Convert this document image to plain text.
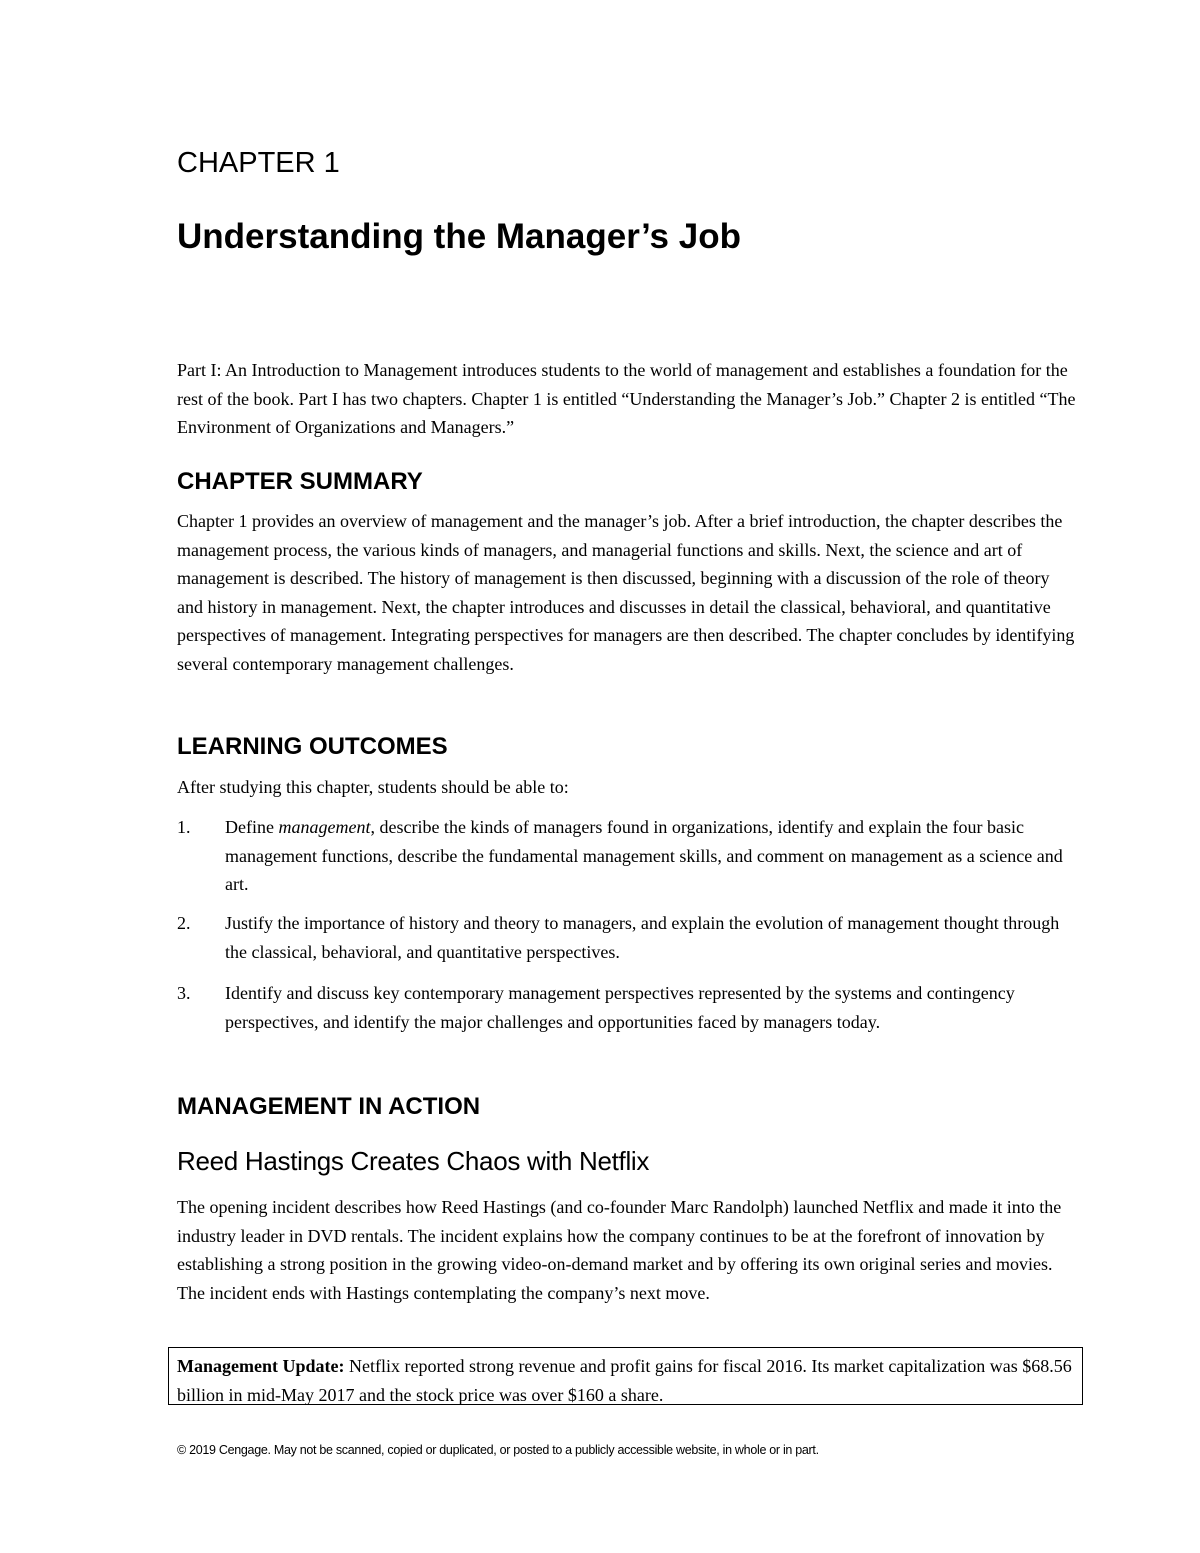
CHAPTER 1
Understanding the Manager’s Job

Part I: An Introduction to Management introduces students to the world of management and establishes a foundation for the rest of the book. Part I has two chapters. Chapter 1 is entitled “Understanding the Manager’s Job.” Chapter 2 is entitled “The Environment of Organizations and Managers.”

CHAPTER SUMMARY

Chapter 1 provides an overview of management and the manager’s job. After a brief introduction, the chapter describes the management process, the various kinds of managers, and managerial functions and skills. Next, the science and art of management is described. The history of management is then discussed, beginning with a discussion of the role of theory and history in management. Next, the chapter introduces and discusses in detail the classical, behavioral, and quantitative perspectives of management. Integrating perspectives for managers are then described. The chapter concludes by identifying several contemporary management challenges.

LEARNING OUTCOMES

After studying this chapter, students should be able to:

1.	Define management, describe the kinds of managers found in organizations, identify and explain the four basic management functions, describe the fundamental management skills, and comment on management as a science and art.
2.	Justify the importance of history and theory to managers, and explain the evolution of management thought through the classical, behavioral, and quantitative perspectives.
3.	Identify and discuss key contemporary management perspectives represented by the systems and contingency perspectives, and identify the major challenges and opportunities faced by managers today.
MANAGEMENT IN ACTION
Reed Hastings Creates Chaos with Netflix

The opening incident describes how Reed Hastings (and co-founder Marc Randolph) launched Netflix and made it into the industry leader in DVD rentals. The incident explains how the company continues to be at the forefront of innovation by establishing a strong position in the growing video-on-demand market and by offering its own original series and movies. The incident ends with Hastings contemplating the company’s next move.

Management Update: Netflix reported strong revenue and profit gains for fiscal 2016. Its market capitalization was $68.56 billion in mid-May 2017 and the stock price was over $160 a share.

© 2019 Cengage. May not be scanned, copied or duplicated, or posted to a publicly accessible website, in whole or in part.
